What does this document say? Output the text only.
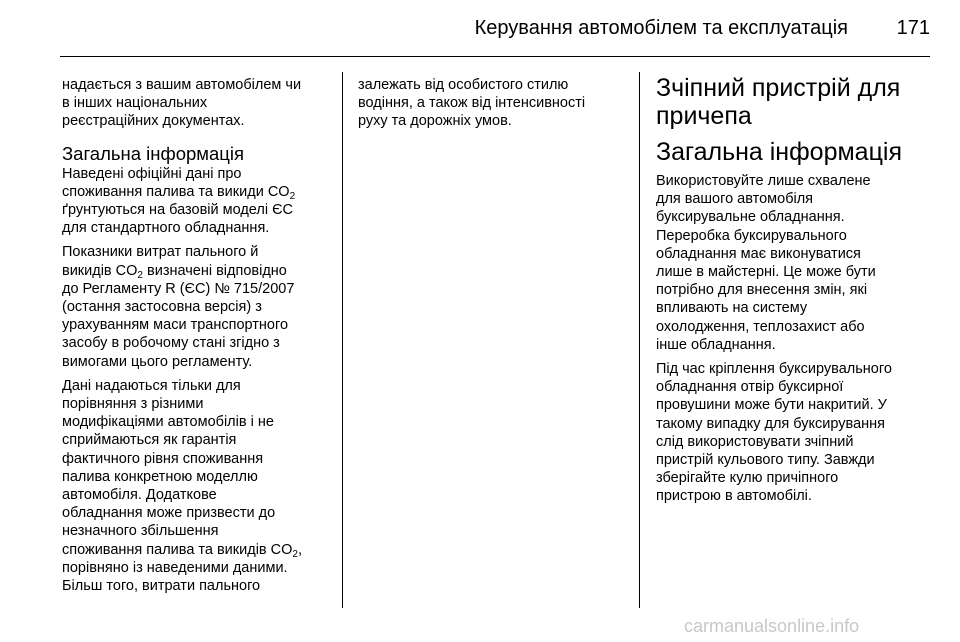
Керування автомобілем та експлуатація 171

надається з вашим автомобілем чи
в інших національних
реєстраційних документах.

Загальна інформація

Наведені офіційні дані про
споживання палива та викиди $CO_2$
ґрунтуються на базовій моделі ЄС
для стандартного обладнання.

Показники витрат пального й
викидів $CO_2$ визначені відповідно
до Регламенту R (ЄС) № 715/2007
(остання застосовна версія) з
урахуванням маси транспортного
засобу в робочому стані згідно з
вимогами цього регламенту.

Дані надаються тільки для
порівняння з різними
модифікаціями автомобілів і не
сприймаються як гарантія
фактичного рівня споживання
палива конкретною моделлю
автомобіля. Додаткове
обладнання може призвести до
незначного збільшення
споживання палива та викидів $CO_2$,
порівняно із наведеними даними.
Більш того, витрати пального

залежать від особистого стилю
водіння, а також від інтенсивності
руху та дорожніх умов.

Зчіпний пристрій для
причепа
Загальна інформація

Використовуйте лише схвалене
для вашого автомобіля
буксирувальне обладнання.
Переробка буксирувального
обладнання має виконуватися
лише в майстерні. Це може бути
потрібно для внесення змін, які
впливають на систему
охолодження, теплозахист або
інше обладнання.

Під час кріплення буксирувального
обладнання отвір буксирної
провушини може бути накритий. У
такому випадку для буксирування
слід використовувати зчіпний
пристрій кульового типу. Завжди
зберігайте кулю причіпного
пристрою в автомобілі.

carmanualsonline.info
